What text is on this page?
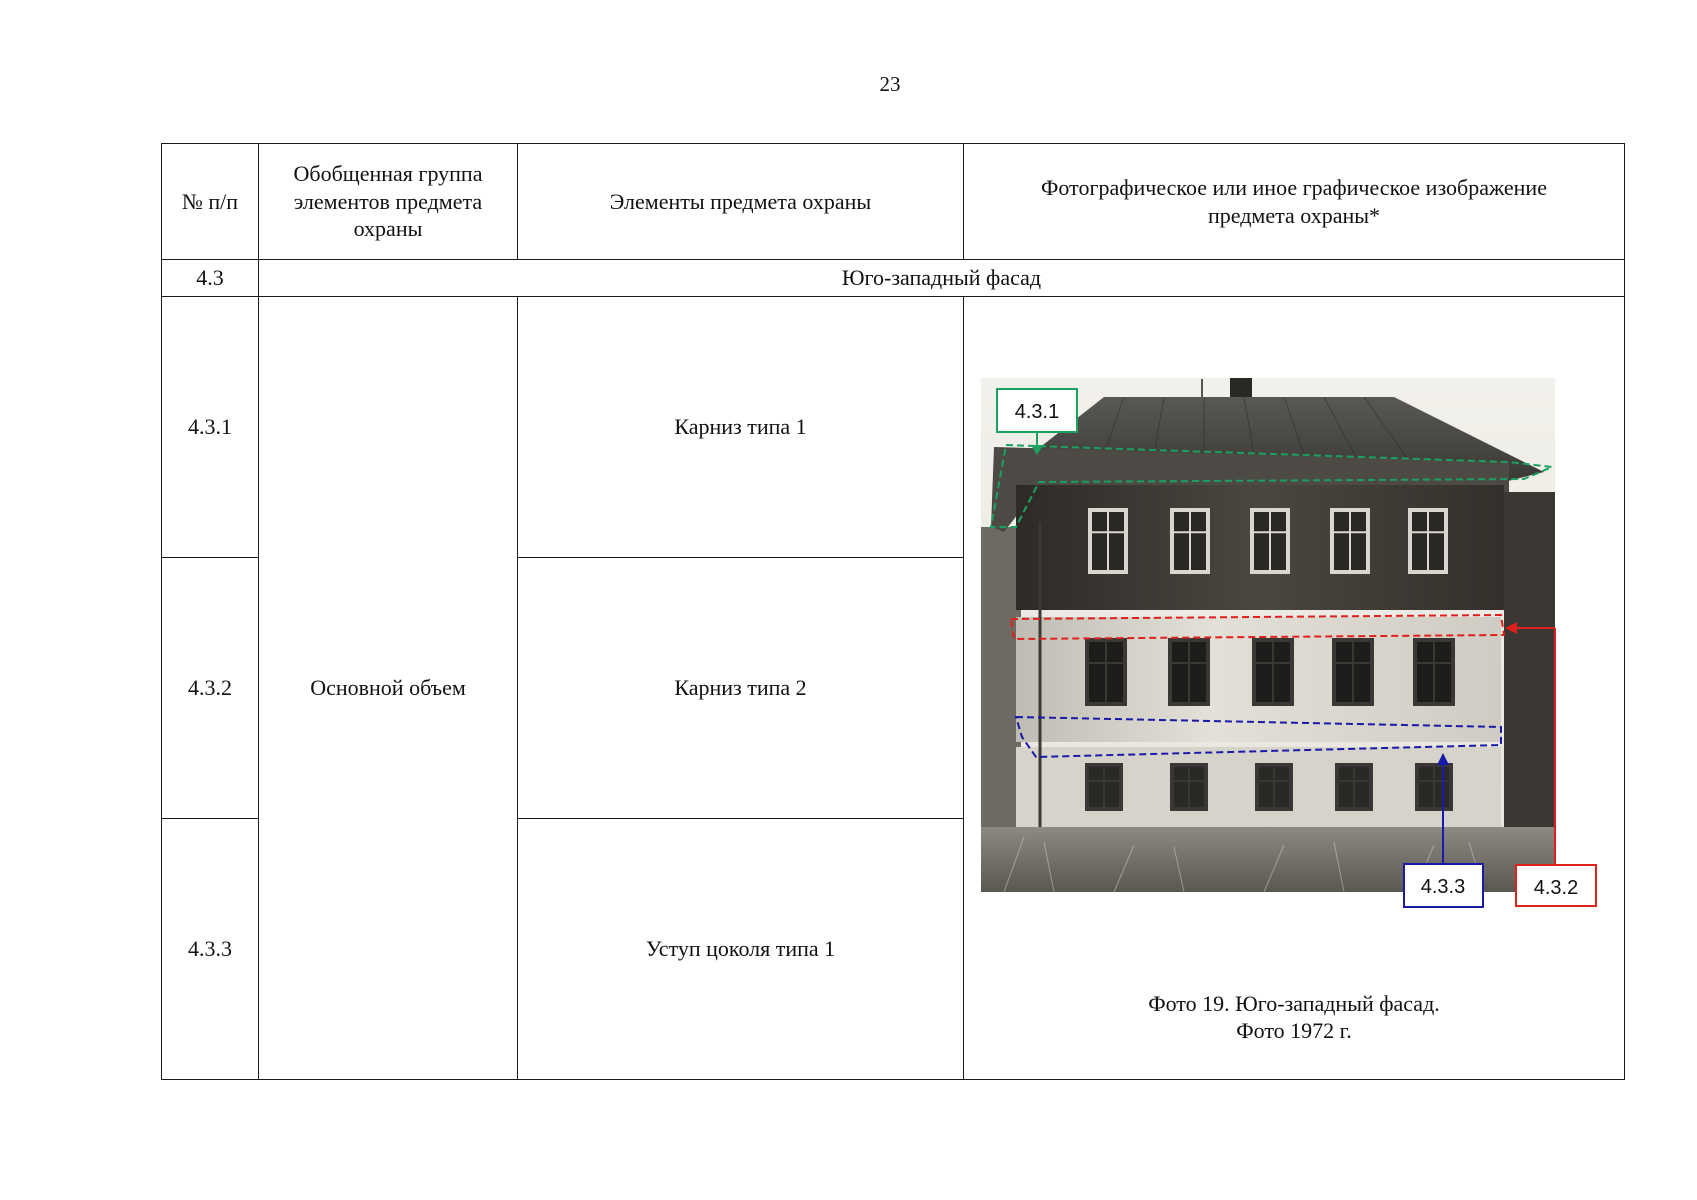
23
№ п/п	Обобщенная группа элементов предмета охраны	Элементы предмета охраны	Фотографическое или иное графическое изображение предмета охраны*
4.3	Юго-западный фасад		
4.3.1	Основной объем	Карниз типа 1	4.3.1
4.3.2
4.3.3
Фото 19. Юго-западный фасад.
Фото 1972 г.

4.3.2		Карниз типа 2	
4.3.3		Уступ цоколя типа 1	
